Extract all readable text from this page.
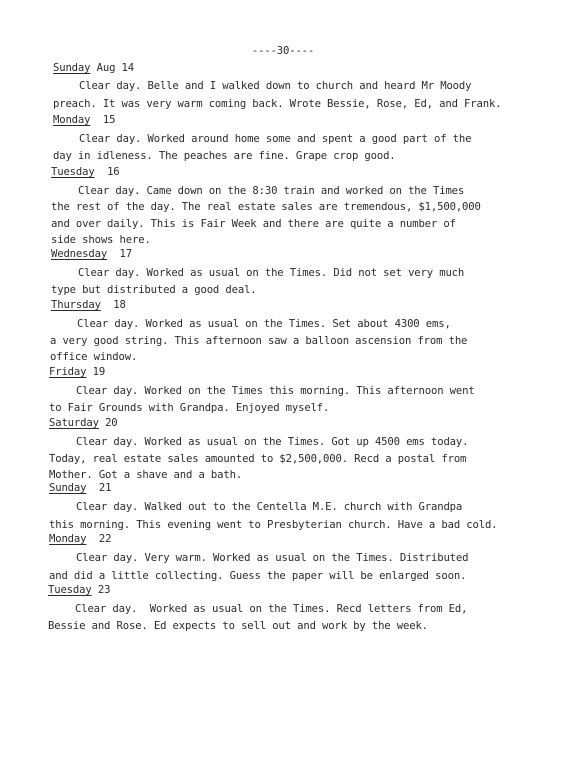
----30----
Sunday Aug 14
Clear day. Belle and I walked down to church and heard Mr Moody
preach. It was very warm coming back. Wrote Bessie, Rose, Ed, and Frank.
Monday 15
Clear day. Worked around home some and spent a good part of the
day in idleness. The peaches are fine. Grape crop good.
Tuesday 16
Clear day. Came down on the 8:30 train and worked on the Times
the rest of the day. The real estate sales are tremendous, $1,500,000
and over daily. This is Fair Week and there are quite a number of
side shows here.
Wednesday 17
Clear day. Worked as usual on the Times. Did not set very much
type but distributed a good deal.
Thursday 18
Clear day. Worked as usual on the Times. Set about 4300 ems,
a very good string. This afternoon saw a balloon ascension from the
office window.
Friday 19
Clear day. Worked on the Times this morning. This afternoon went
to Fair Grounds with Grandpa. Enjoyed myself.
Saturday 20
Clear day. Worked as usual on the Times. Got up 4500 ems today.
Today, real estate sales amounted to $2,500,000. Recd a postal from
Mother. Got a shave and a bath.
Sunday 21
Clear day. Walked out to the Centella M.E. church with Grandpa
this morning. This evening went to Presbyterian church. Have a bad cold.
Monday 22
Clear day. Very warm. Worked as usual on the Times. Distributed
and did a little collecting. Guess the paper will be enlarged soon.
Tuesday 23
Clear day.  Worked as usual on the Times. Recd letters from Ed,
Bessie and Rose. Ed expects to sell out and work by the week.
